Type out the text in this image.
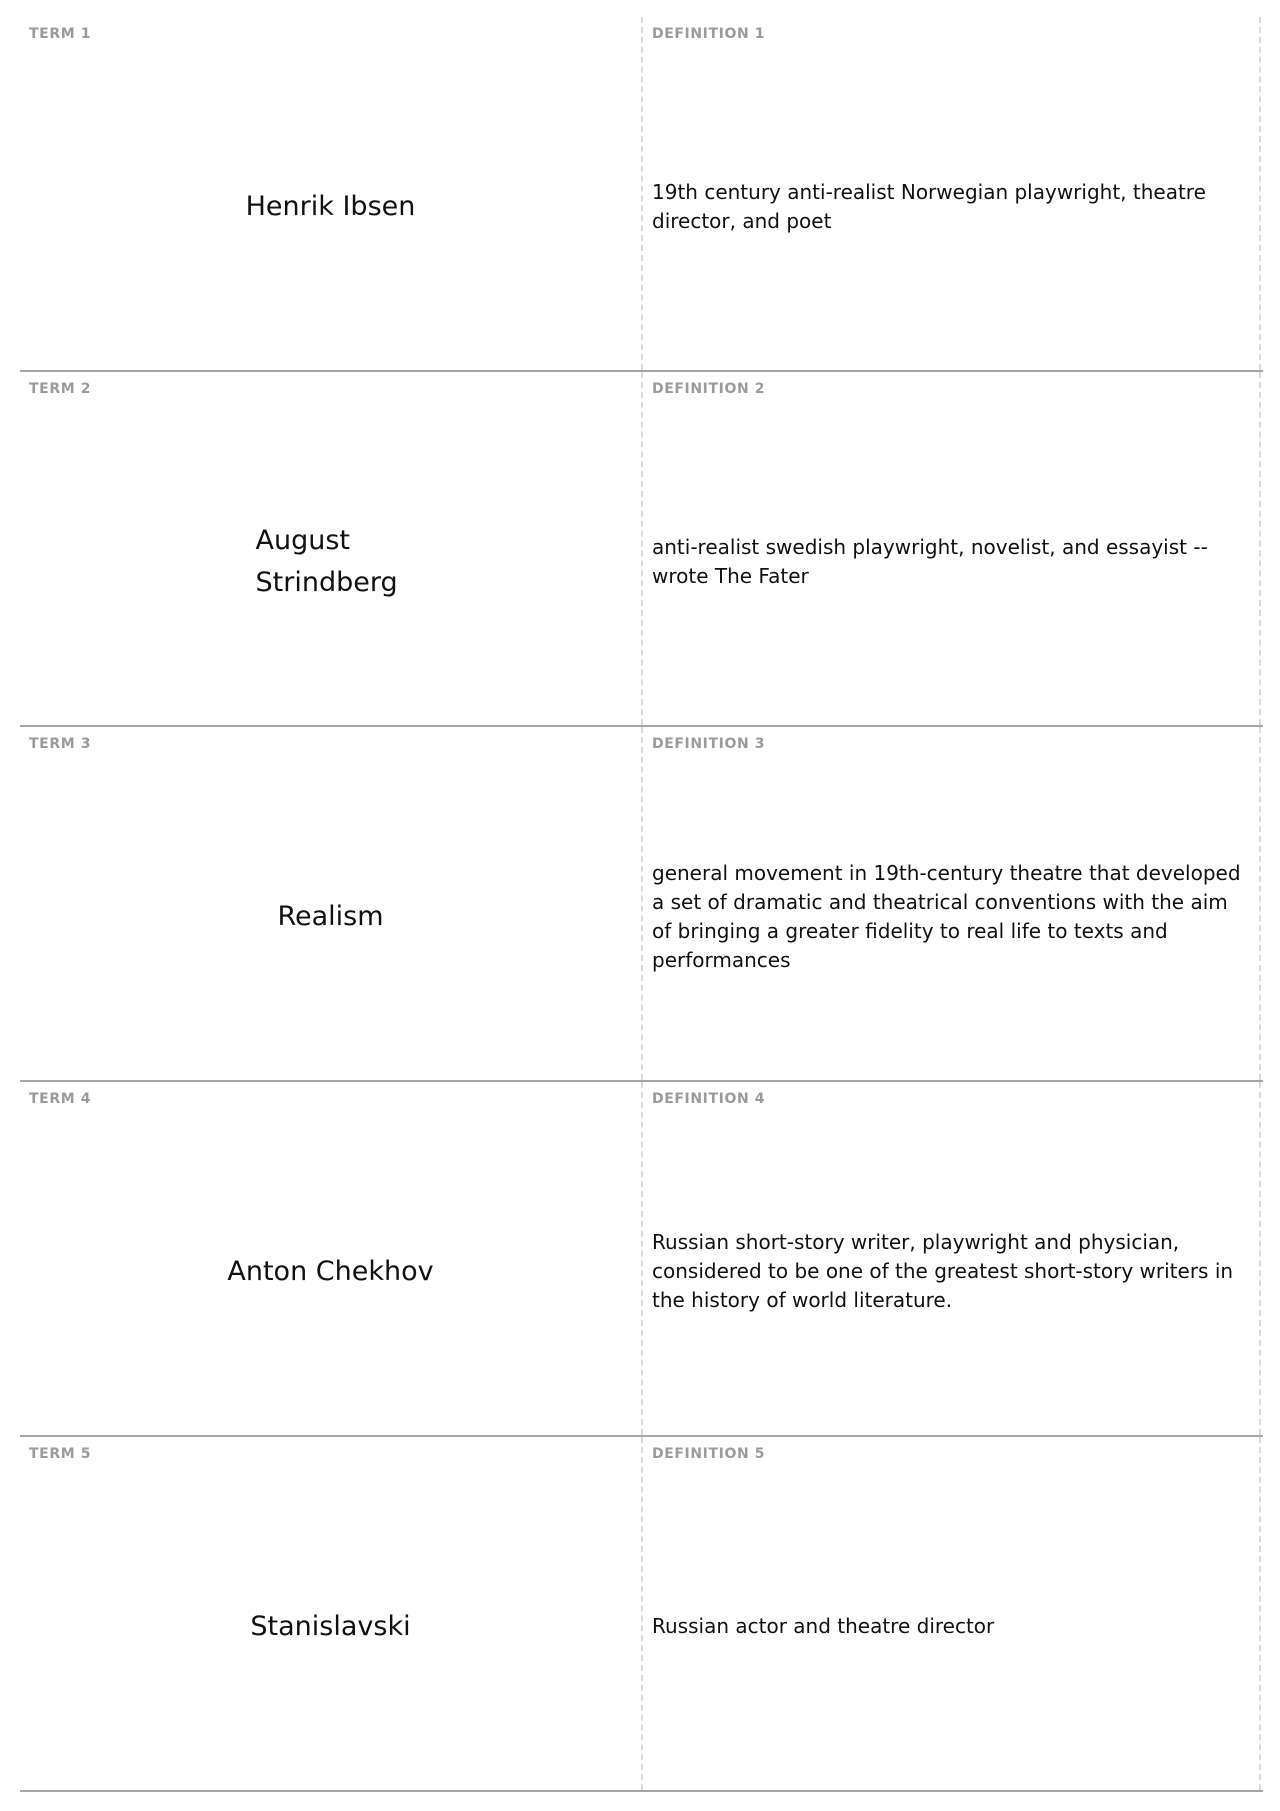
TERM 1
Henrik Ibsen
DEFINITION 1
19th century anti-realist Norwegian playwright, theatre director, and poet
TERM 2
August Strindberg
DEFINITION 2
anti-realist swedish playwright, novelist, and essayist -- wrote The Fater
TERM 3
Realism
DEFINITION 3
general movement in 19th-century theatre that developed a set of dramatic and theatrical conventions with the aim of bringing a greater fidelity to real life to texts and performances
TERM 4
Anton Chekhov
DEFINITION 4
Russian short-story writer, playwright and physician, considered to be one of the greatest short-story writers in the history of world literature.
TERM 5
Stanislavski
DEFINITION 5
Russian actor and theatre director
